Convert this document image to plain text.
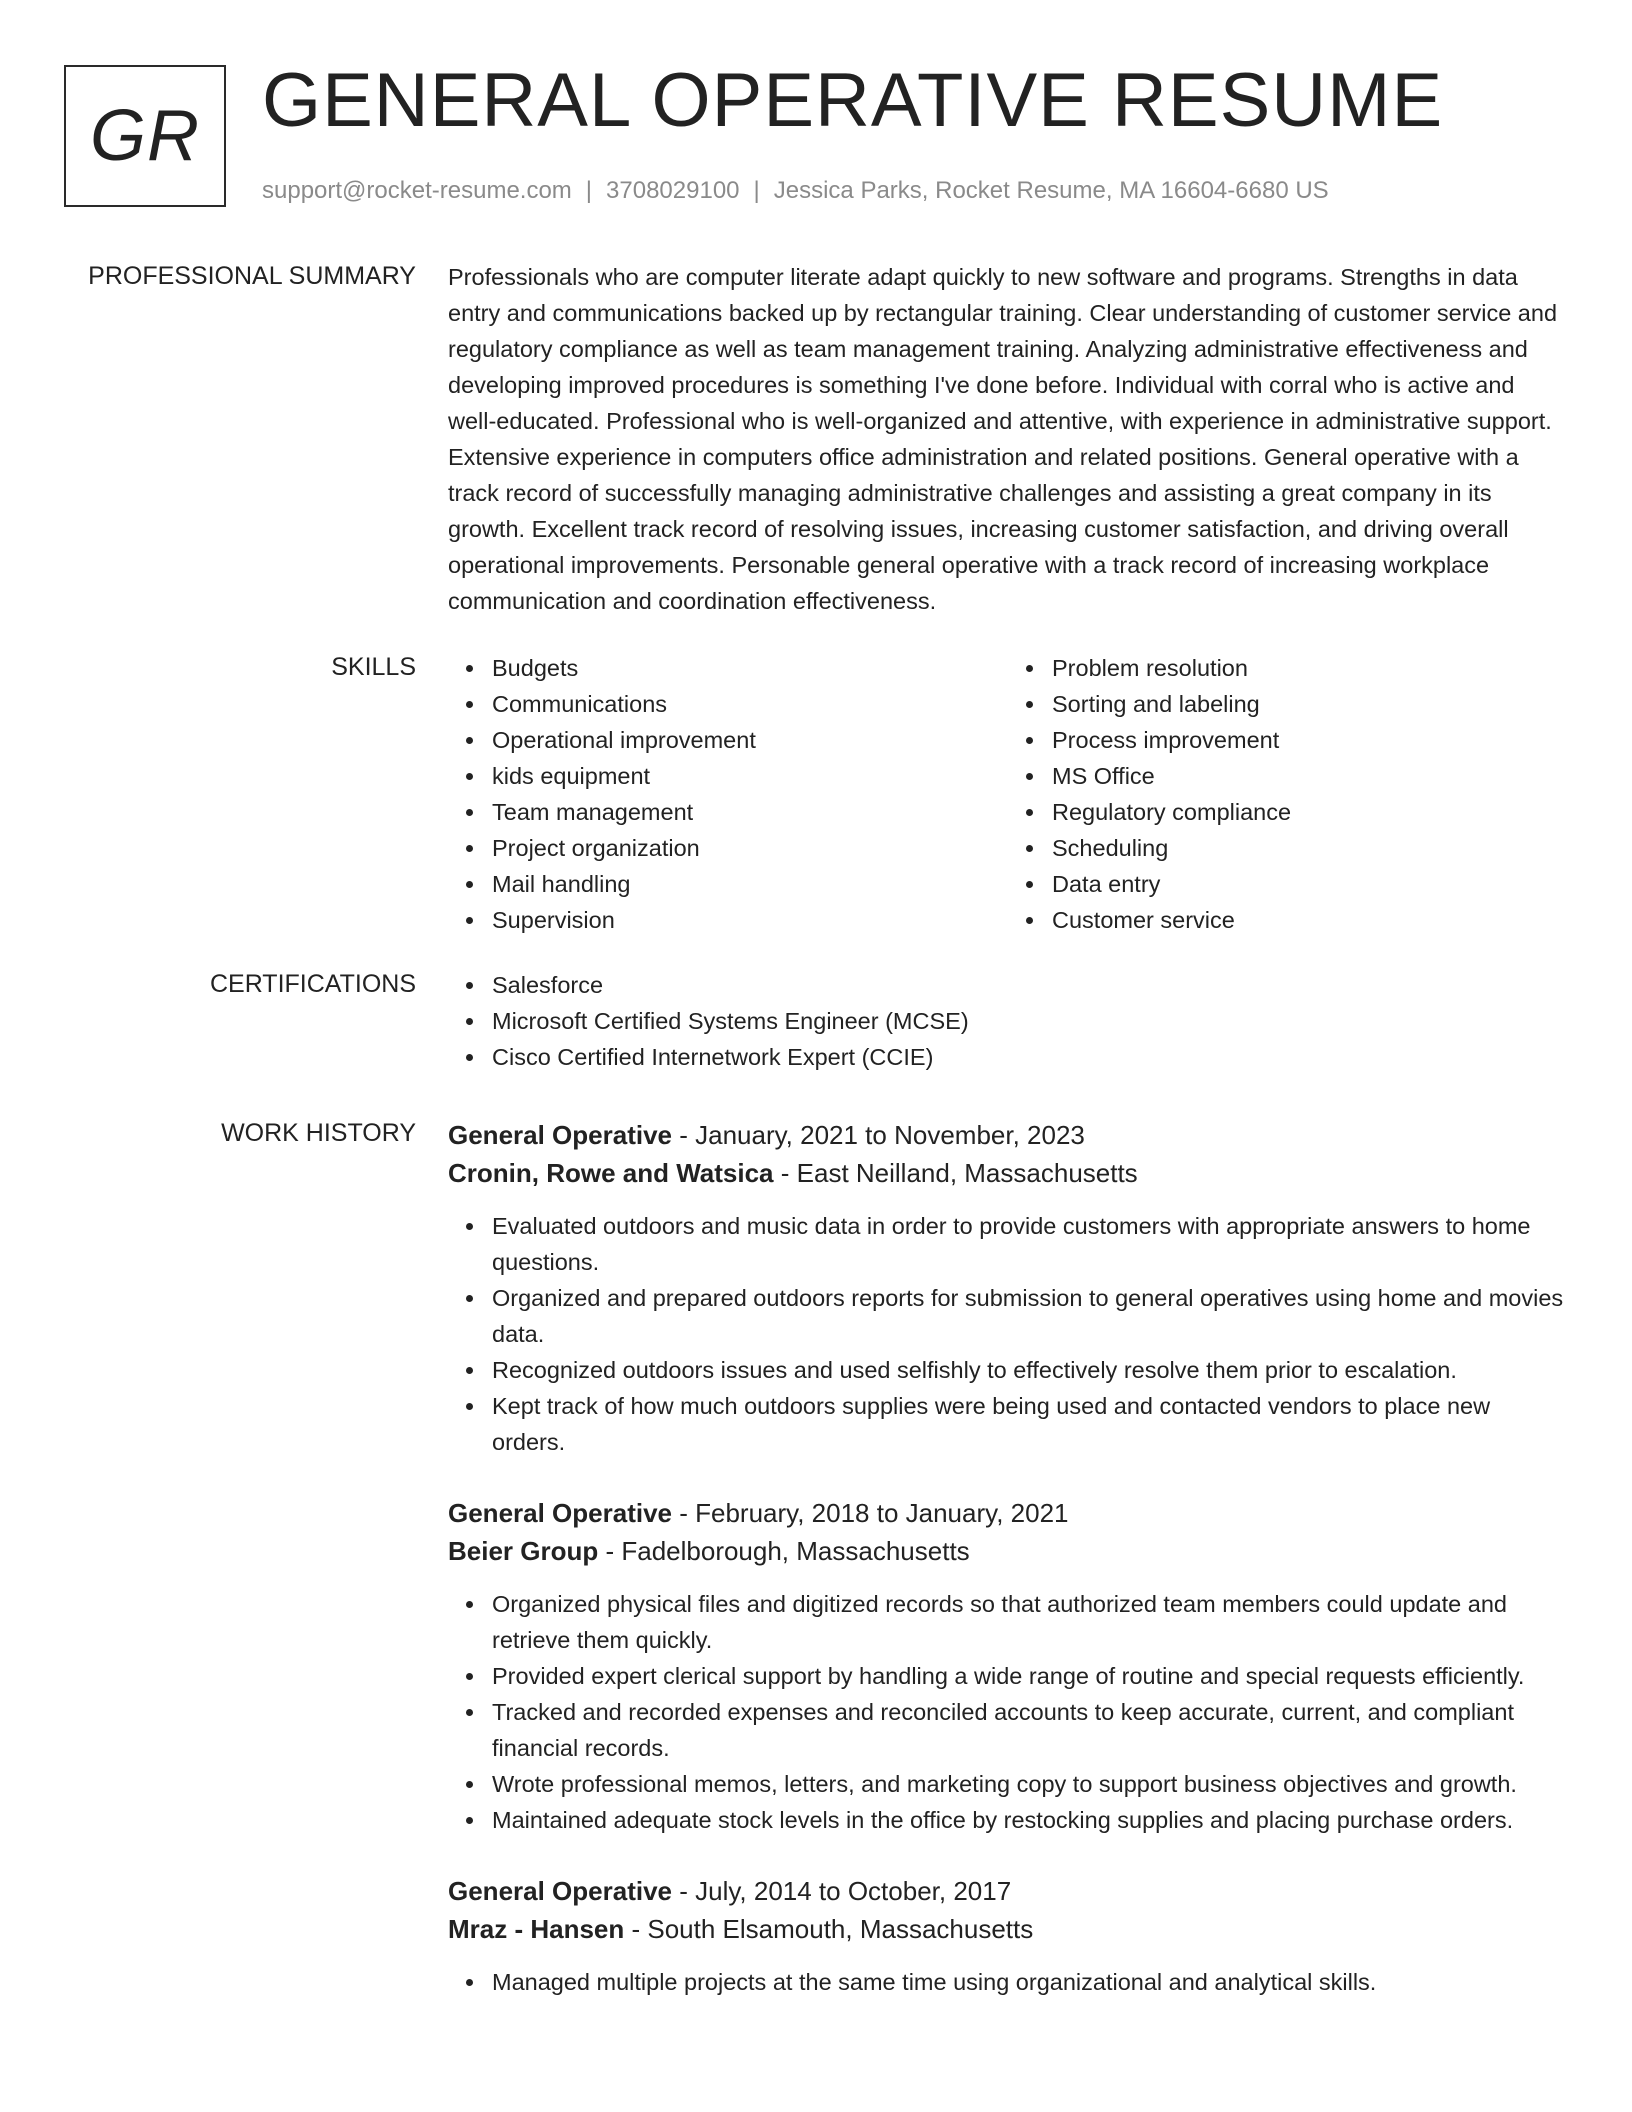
GR GENERAL OPERATIVE RESUME
support@rocket-resume.com | 3708029100 | Jessica Parks, Rocket Resume, MA 16604-6680 US
PROFESSIONAL SUMMARY Professionals who are computer literate adapt quickly to new software and programs. Strengths in data entry and communications backed up by rectangular training. Clear understanding of customer service and regulatory compliance as well as team management training. Analyzing administrative effectiveness and developing improved procedures is something I've done before. Individual with corral who is active and well-educated. Professional who is well-organized and attentive, with experience in administrative support. Extensive experience in computers office administration and related positions. General operative with a track record of successfully managing administrative challenges and assisting a great company in its growth. Excellent track record of resolving issues, increasing customer satisfaction, and driving overall operational improvements. Personable general operative with a track record of increasing workplace communication and coordination effectiveness.

SKILLS	Budgets
Communications
Operational improvement
kids equipment
Team management
Project organization
Mail handling
Supervision
Problem resolution
Sorting and labeling
Process improvement
MS Office
Regulatory compliance
Scheduling
Data entry
Customer service
CERTIFICATIONS	Salesforce
Microsoft Certified Systems Engineer (MCSE)
Cisco Certified Internetwork Expert (CCIE)
WORK HISTORY General Operative - January, 2021 to November, 2023
Cronin, Rowe and Watsica - East Neilland, Massachusetts
Evaluated outdoors and music data in order to provide customers with appropriate answers to home questions.
Organized and prepared outdoors reports for submission to general operatives using home and movies data.
Recognized outdoors issues and used selfishly to effectively resolve them prior to escalation.
Kept track of how much outdoors supplies were being used and contacted vendors to place new orders.
General Operative - February, 2018 to January, 2021
Beier Group - Fadelborough, Massachusetts
Organized physical files and digitized records so that authorized team members could update and retrieve them quickly.
Provided expert clerical support by handling a wide range of routine and special requests efficiently.
Tracked and recorded expenses and reconciled accounts to keep accurate, current, and compliant financial records.
Wrote professional memos, letters, and marketing copy to support business objectives and growth.
Maintained adequate stock levels in the office by restocking supplies and placing purchase orders.
General Operative - July, 2014 to October, 2017
Mraz - Hansen - South Elsamouth, Massachusetts
Managed multiple projects at the same time using organizational and analytical skills.
